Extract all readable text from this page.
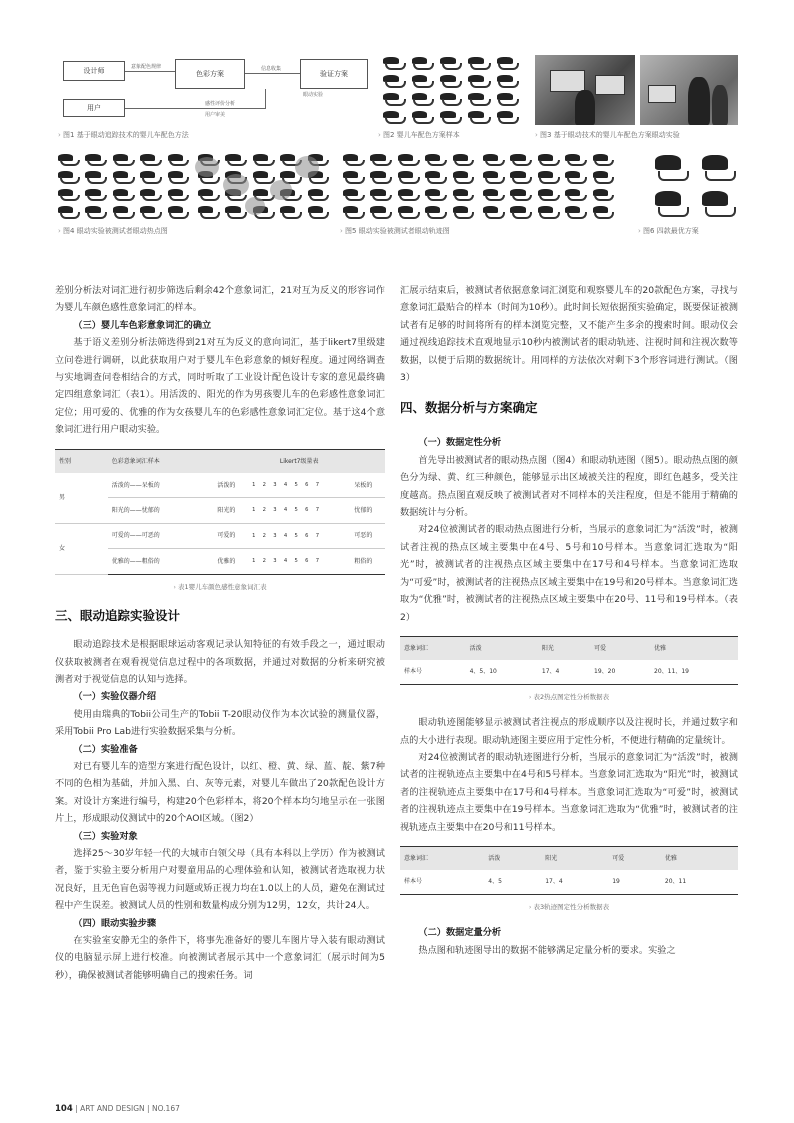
设计师	色彩方案	验证方案
用户
意象配色规律	信息收集
眼动实验
感性评价分析
用户审美
› 图1 基于眼动追踪技术的婴儿车配色方法	› 图2 婴儿车配色方案样本	› 图3 基于眼动技术的婴儿车配色方案眼动实验
› 图4 眼动实验被测试者眼动热点图	› 图5 眼动实验被测试者眼动轨迹图	› 图6 四款最优方案

差别分析法对词汇进行初步筛选后剩余42个意象词汇，21对互为反义的形容词作为婴儿车颜色感性意象词汇的样本。

（三）婴儿车色彩意象词汇的确立

基于语义差别分析法筛选得到21对互为反义的意向词汇，基于likert7里级建立问卷进行调研，以此获取用户对于婴儿车色彩意象的倾好程度。通过网络调查与实地调查问卷相结合的方式，同时听取了工业设计配色设计专家的意见最终确定四组意象词汇（表1）。用活泼的、阳光的作为男孩婴儿车的色彩感性意象词汇定位；用可爱的、优雅的作为女孩婴儿车的色彩感性意象词汇定位。基于这4个意象词汇进行用户眼动实验。

性别	色彩意象词汇样本	Likert7级量表		
男	活泼的——呆板的	活泼的	1 2 3 4 5 6 7	呆板的
	阳光的——忧郁的	阳光的	1 2 3 4 5 6 7	忧郁的
女	可爱的——可恶的	可爱的	1 2 3 4 5 6 7	可恶的
	优雅的——粗俗的	优雅的	1 2 3 4 5 6 7	粗俗的
› 表1婴儿车颜色感性意象词汇表
三、眼动追踪实验设计

眼动追踪技术是根据眼球运动客观记录认知特征的有效手段之一，通过眼动仪获取被测者在观看视觉信息过程中的各项数据，并通过对数据的分析来研究被测者对于视觉信息的认知与选择。

（一）实验仪器介绍

使用由瑞典的Tobii公司生产的Tobii T-20眼动仪作为本次试验的测量仪器，采用Tobii Pro Lab进行实验数据采集与分析。

（二）实验准备

对已有婴儿车的造型方案进行配色设计，以红、橙、黄、绿、蓝、靛、紫7种不同的色相为基础，并加入黑、白、灰等元素，对婴儿车做出了20款配色设计方案。对设计方案进行编号，构建20个色彩样本，将20个样本均匀地呈示在一张图片上，形成眼动仪测试中的20个AOI区域。（图2）

（三）实验对象

选择25～30岁年轻一代的大城市白领父母（具有本科以上学历）作为被测试者，鉴于实验主要分析用户对婴童用品的心理体验和认知，被测试者选取视力状况良好，且无色盲色弱等视力问题或矫正视力均在1.0以上的人员，避免在测试过程中产生误差。被测试人员的性别和数量构成分别为12男，12女，共计24人。

（四）眼动实验步骤

在实验室安静无尘的条件下，将事先准备好的婴儿车图片导入装有眼动测试仪的电脑显示屏上进行校准。向被测试者展示其中一个意象词汇（展示时间为5秒），确保被测试者能够明确自己的搜索任务。词

汇展示结束后，被测试者依据意象词汇浏览和观察婴儿车的20款配色方案，寻找与意象词汇最贴合的样本（时间为10秒）。此时间长短依据预实验确定，既要保证被测试者有足够的时间将所有的样本浏览完整，又不能产生多余的搜索时间。眼动仪会通过视线追踪技术直观地显示10秒内被测试者的眼动轨迹、注视时间和注视次数等数据，以便于后期的数据统计。用同样的方法依次对剩下3个形容词进行测试。（图3）

四、数据分析与方案确定
（一）数据定性分析

首先导出被测试者的眼动热点图（图4）和眼动轨迹图（图5）。眼动热点图的颜色分为绿、黄、红三种颜色，能够显示出区域被关注的程度，即红色越多，受关注度越高。热点图直观反映了被测试者对不同样本的关注程度，但是不能用于精确的数据统计与分析。

对24位被测试者的眼动热点图进行分析，当展示的意象词汇为“活泼”时，被测试者注视的热点区域主要集中在4号、5号和10号样本。当意象词汇选取为“阳光”时，被测试者的注视热点区域主要集中在17号和4号样本。当意象词汇选取为“可爱”时，被测试者的注视热点区域主要集中在19号和20号样本。当意象词汇选取为“优雅”时，被测试者的注视热点区域主要集中在20号、11号和19号样本。（表2）

意象词汇	活泼	阳光	可爱	优雅
样本号	4、5、10	17、4	19、20	20、11、19
› 表2热点图定性分析数据表

眼动轨迹图能够显示被测试者注视点的形成顺序以及注视时长，并通过数字和点的大小进行表现。眼动轨迹图主要应用于定性分析，不便进行精确的定量统计。

对24位被测试者的眼动轨迹图进行分析，当展示的意象词汇为“活泼”时，被测试者的注视轨迹点主要集中在4号和5号样本。当意象词汇选取为“阳光”时，被测试者的注视轨迹点主要集中在17号和4号样本。当意象词汇选取为“可爱”时，被测试者的注视轨迹点主要集中在19号样本。当意象词汇选取为“优雅”时，被测试者的注视轨迹点主要集中在20号和11号样本。

意象词汇	活泼	阳光	可爱	优雅
样本号	4、5	17、4	19	20、11
› 表3轨迹图定性分析数据表
（二）数据定量分析

热点图和轨迹图导出的数据不能够满足定量分析的要求。实验之

104 | ART AND DESIGN | NO.167
